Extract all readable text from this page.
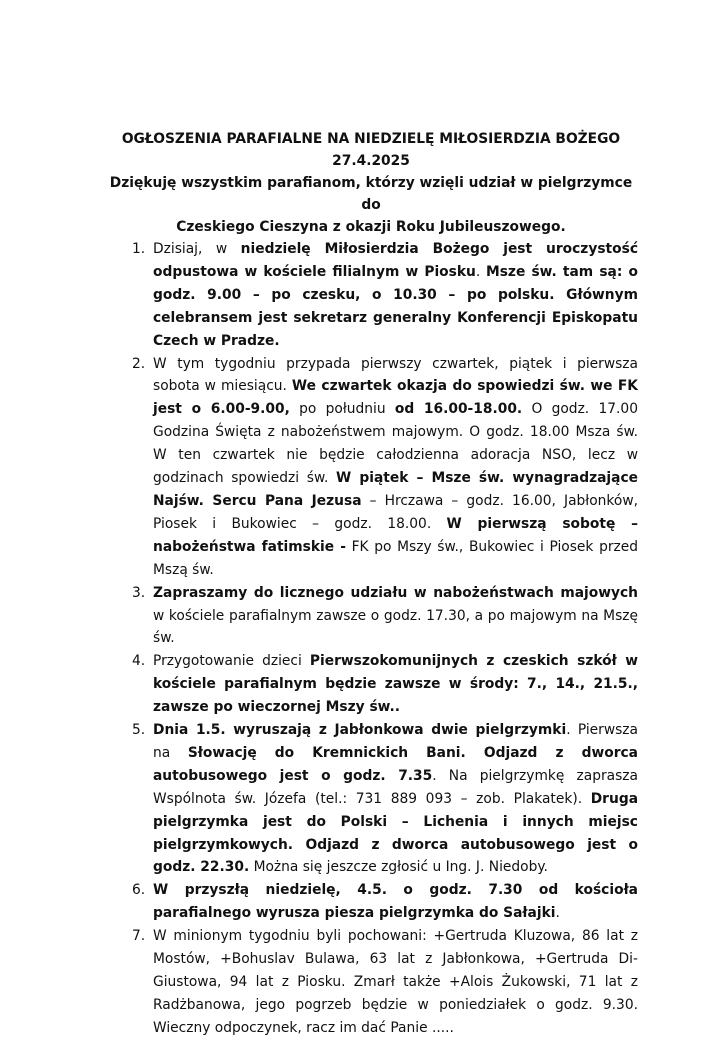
OGŁOSZENIA PARAFIALNE NA NIEDZIELĘ MIŁOSIERDZIA BOŻEGO
27.4.2025
Dziękuję wszystkim parafianom, którzy wzięli udział w pielgrzymce do
Czeskiego Cieszyna z okazji Roku Jubileuszowego.
1. Dzisiaj, w niedzielę Miłosierdzia Bożego jest uroczystość odpustowa w kościele filialnym w Piosku. Msze św. tam są: o godz. 9.00 – po czesku, o 10.30 – po polsku. Głównym celebransem jest sekretarz generalny Konferencji Episkopatu Czech w Pradze.
2. W tym tygodniu przypada pierwszy czwartek, piątek i pierwsza sobota w miesiącu. We czwartek okazja do spowiedzi św. we FK jest o 6.00-9.00, po południu od 16.00-18.00. O godz. 17.00 Godzina Święta z nabożeństwem majowym. O godz. 18.00 Msza św. W ten czwartek nie będzie całodzienna adoracja NSO, lecz w godzinach spowiedzi św. W piątek – Msze św. wynagradzające Najśw. Sercu Pana Jezusa – Hrczawa – godz. 16.00, Jabłonków, Piosek i Bukowiec – godz. 18.00. W pierwszą sobotę – nabożeństwa fatimskie - FK po Mszy św., Bukowiec i Piosek przed Mszą św.
3. Zapraszamy do licznego udziału w nabożeństwach majowych w kościele parafialnym zawsze o godz. 17.30, a po majowym na Mszę św.
4. Przygotowanie dzieci Pierwszokomunijnych z czeskich szkół w kościele parafialnym będzie zawsze w środy: 7., 14., 21.5., zawsze po wieczornej Mszy św..
5. Dnia 1.5. wyruszają z Jabłonkowa dwie pielgrzymki. Pierwsza na Słowację do Kremnickich Bani. Odjazd z dworca autobusowego jest o godz. 7.35. Na pielgrzymkę zaprasza Wspólnota św. Józefa (tel.: 731 889 093 – zob. Plakatek). Druga pielgrzymka jest do Polski – Lichenia i innych miejsc pielgrzymkowych. Odjazd z dworca autobusowego jest o godz. 22.30. Można się jeszcze zgłosić u Ing. J. Niedoby.
6. W przyszłą niedzielę, 4.5. o godz. 7.30 od kościoła parafialnego wyrusza piesza pielgrzymka do Sałajki.
7. W minionym tygodniu byli pochowani: +Gertruda Kluzowa, 86 lat z Mostów, +Bohuslav Bulawa, 63 lat z Jabłonkowa, +Gertruda Di-Giustowa, 94 lat z Piosku. Zmarł także +Alois Żukowski, 71 lat z Radżbanowa, jego pogrzeb będzie w poniedziałek o godz. 9.30. Wieczny odpoczynek, racz im dać Panie .....
